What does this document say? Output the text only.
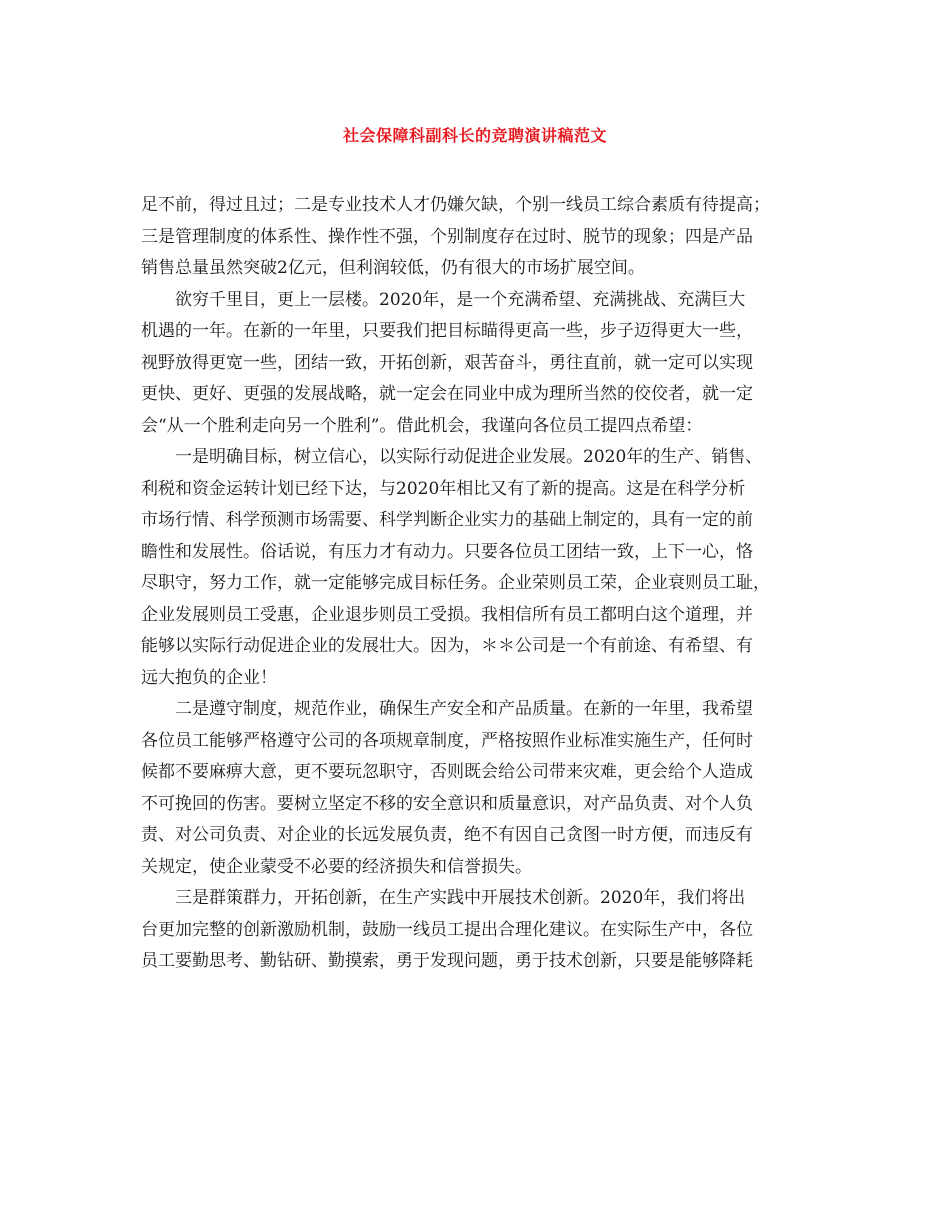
社会保障科副科长的竞聘演讲稿范文
足不前，得过且过；二是专业技术人才仍嫌欠缺，个别一线员工综合素质有待提高；
三是管理制度的体系性、操作性不强，个别制度存在过时、脱节的现象；四是产品
销售总量虽然突破2亿元，但利润较低，仍有很大的市场扩展空间。
欲穷千里目，更上一层楼。2020年，是一个充满希望、充满挑战、充满巨大
机遇的一年。在新的一年里，只要我们把目标瞄得更高一些，步子迈得更大一些，
视野放得更宽一些，团结一致，开拓创新，艰苦奋斗，勇往直前，就一定可以实现
更快、更好、更强的发展战略，就一定会在同业中成为理所当然的佼佼者，就一定
会“从一个胜利走向另一个胜利”。借此机会，我谨向各位员工提四点希望：
一是明确目标，树立信心，以实际行动促进企业发展。2020年的生产、销售、
利税和资金运转计划已经下达，与2020年相比又有了新的提高。这是在科学分析
市场行情、科学预测市场需要、科学判断企业实力的基础上制定的，具有一定的前
瞻性和发展性。俗话说，有压力才有动力。只要各位员工团结一致，上下一心，恪
尽职守，努力工作，就一定能够完成目标任务。企业荣则员工荣，企业衰则员工耻，
企业发展则员工受惠，企业退步则员工受损。我相信所有员工都明白这个道理，并
能够以实际行动促进企业的发展壮大。因为，＊＊公司是一个有前途、有希望、有
远大抱负的企业！
二是遵守制度，规范作业，确保生产安全和产品质量。在新的一年里，我希望
各位员工能够严格遵守公司的各项规章制度，严格按照作业标准实施生产，任何时
候都不要麻痹大意，更不要玩忽职守，否则既会给公司带来灾难，更会给个人造成
不可挽回的伤害。要树立坚定不移的安全意识和质量意识，对产品负责、对个人负
责、对公司负责、对企业的长远发展负责，绝不有因自己贪图一时方便，而违反有
关规定，使企业蒙受不必要的经济损失和信誉损失。
三是群策群力，开拓创新，在生产实践中开展技术创新。2020年，我们将出
台更加完整的创新激励机制，鼓励一线员工提出合理化建议。在实际生产中，各位
员工要勤思考、勤钻研、勤摸索，勇于发现问题，勇于技术创新，只要是能够降耗
